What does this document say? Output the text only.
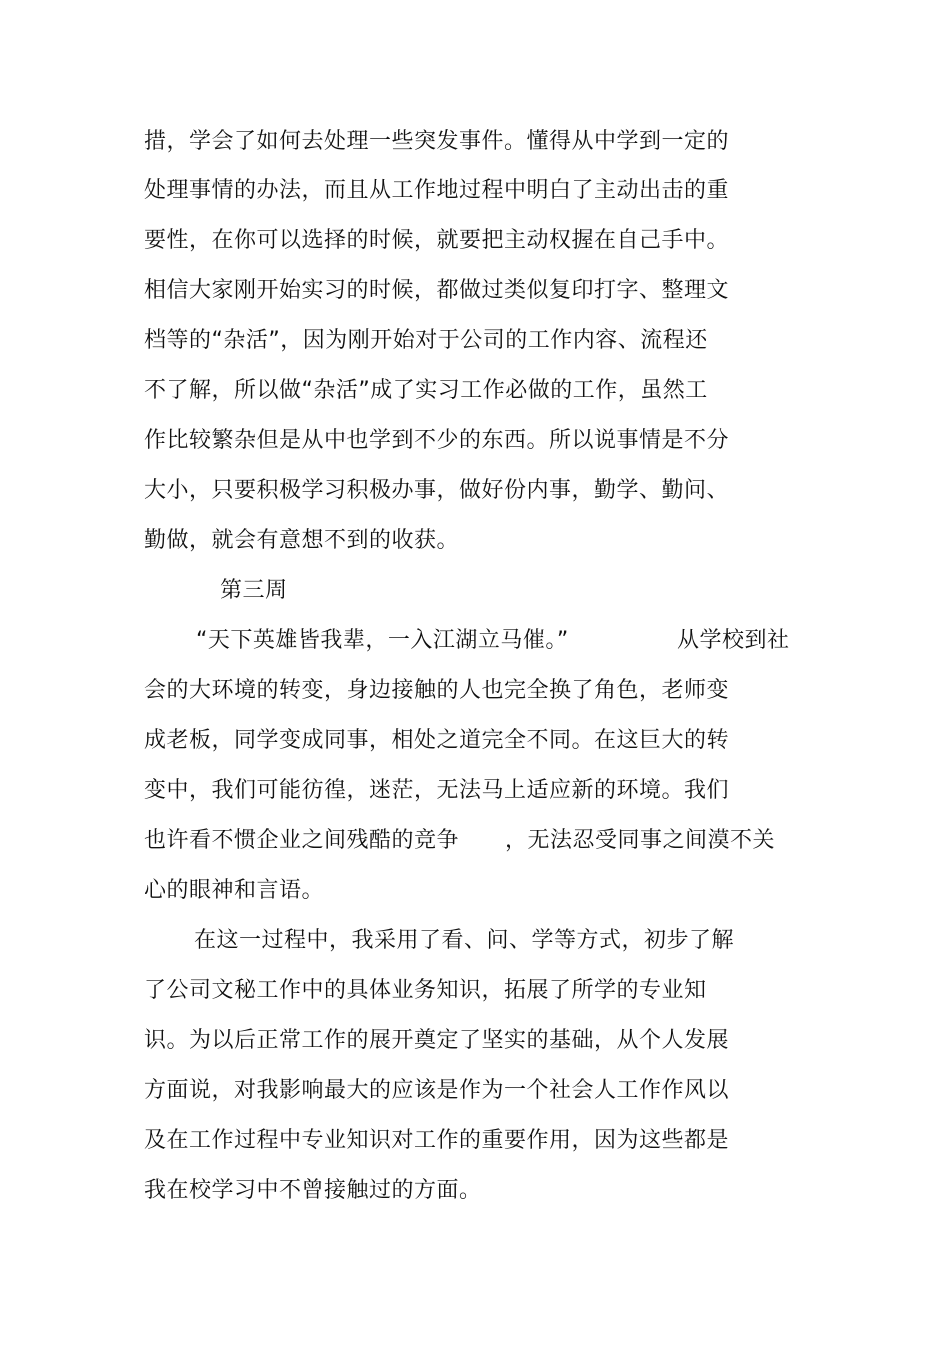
措，学会了如何去处理一些突发事件。懂得从中学到一定的
处理事情的办法，而且从工作地过程中明白了主动出击的重
要性，在你可以选择的时候，就要把主动权握在自己手中。
相信大家刚开始实习的时候，都做过类似复印打字、整理文
档等的“杂活”，因为刚开始对于公司的工作内容、流程还
不了解，所以做“杂活”成了实习工作必做的工作，虽然工
作比较繁杂但是从中也学到不少的东西。所以说事情是不分
大小，只要积极学习积极办事，做好份内事，勤学、勤问、
勤做，就会有意想不到的收获。
第三周
“天下英雄皆我辈，一入江湖立马催。”	从学校到社
会的大环境的转变，身边接触的人也完全换了角色，老师变
成老板，同学变成同事，相处之道完全不同。在这巨大的转
变中，我们可能彷徨，迷茫，无法马上适应新的环境。我们
也许看不惯企业之间残酷的竞争 ，无法忍受同事之间漠不关
心的眼神和言语。
在这一过程中，我采用了看、问、学等方式，初步了解
了公司文秘工作中的具体业务知识，拓展了所学的专业知
识。为以后正常工作的展开奠定了坚实的基础，从个人发展
方面说，对我影响最大的应该是作为一个社会人工作作风以
及在工作过程中专业知识对工作的重要作用，因为这些都是
我在校学习中不曾接触过的方面。
